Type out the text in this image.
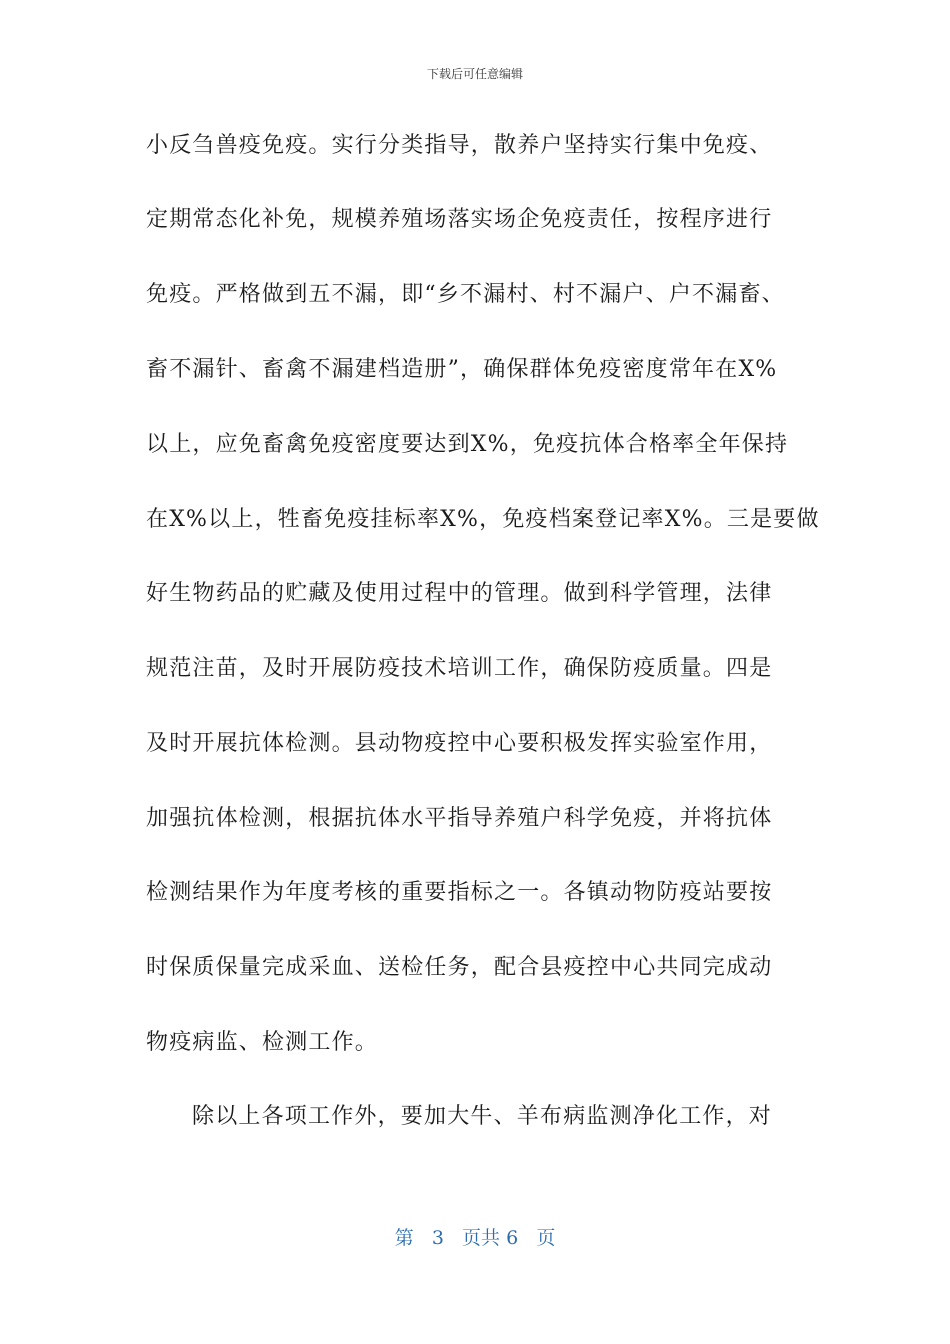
下载后可任意编辑
小反刍兽疫免疫。实行分类指导，散养户坚持实行集中免疫、
定期常态化补免，规模养殖场落实场企免疫责任，按程序进行
免疫。严格做到五不漏，即“乡不漏村、村不漏户、户不漏畜、
畜不漏针、畜禽不漏建档造册”，确保群体免疫密度常年在X%
以上，应免畜禽免疫密度要达到X%，免疫抗体合格率全年保持
在X%以上，牲畜免疫挂标率X%，免疫档案登记率X%。三是要做
好生物药品的贮藏及使用过程中的管理。做到科学管理，法律
规范注苗，及时开展防疫技术培训工作，确保防疫质量。四是
及时开展抗体检测。县动物疫控中心要积极发挥实验室作用，
加强抗体检测，根据抗体水平指导养殖户科学免疫，并将抗体
检测结果作为年度考核的重要指标之一。各镇动物防疫站要按
时保质保量完成采血、送检任务，配合县疫控中心共同完成动
物疫病监、检测工作。
除以上各项工作外，要加大牛、羊布病监测净化工作，对
第 3 页共 6 页
